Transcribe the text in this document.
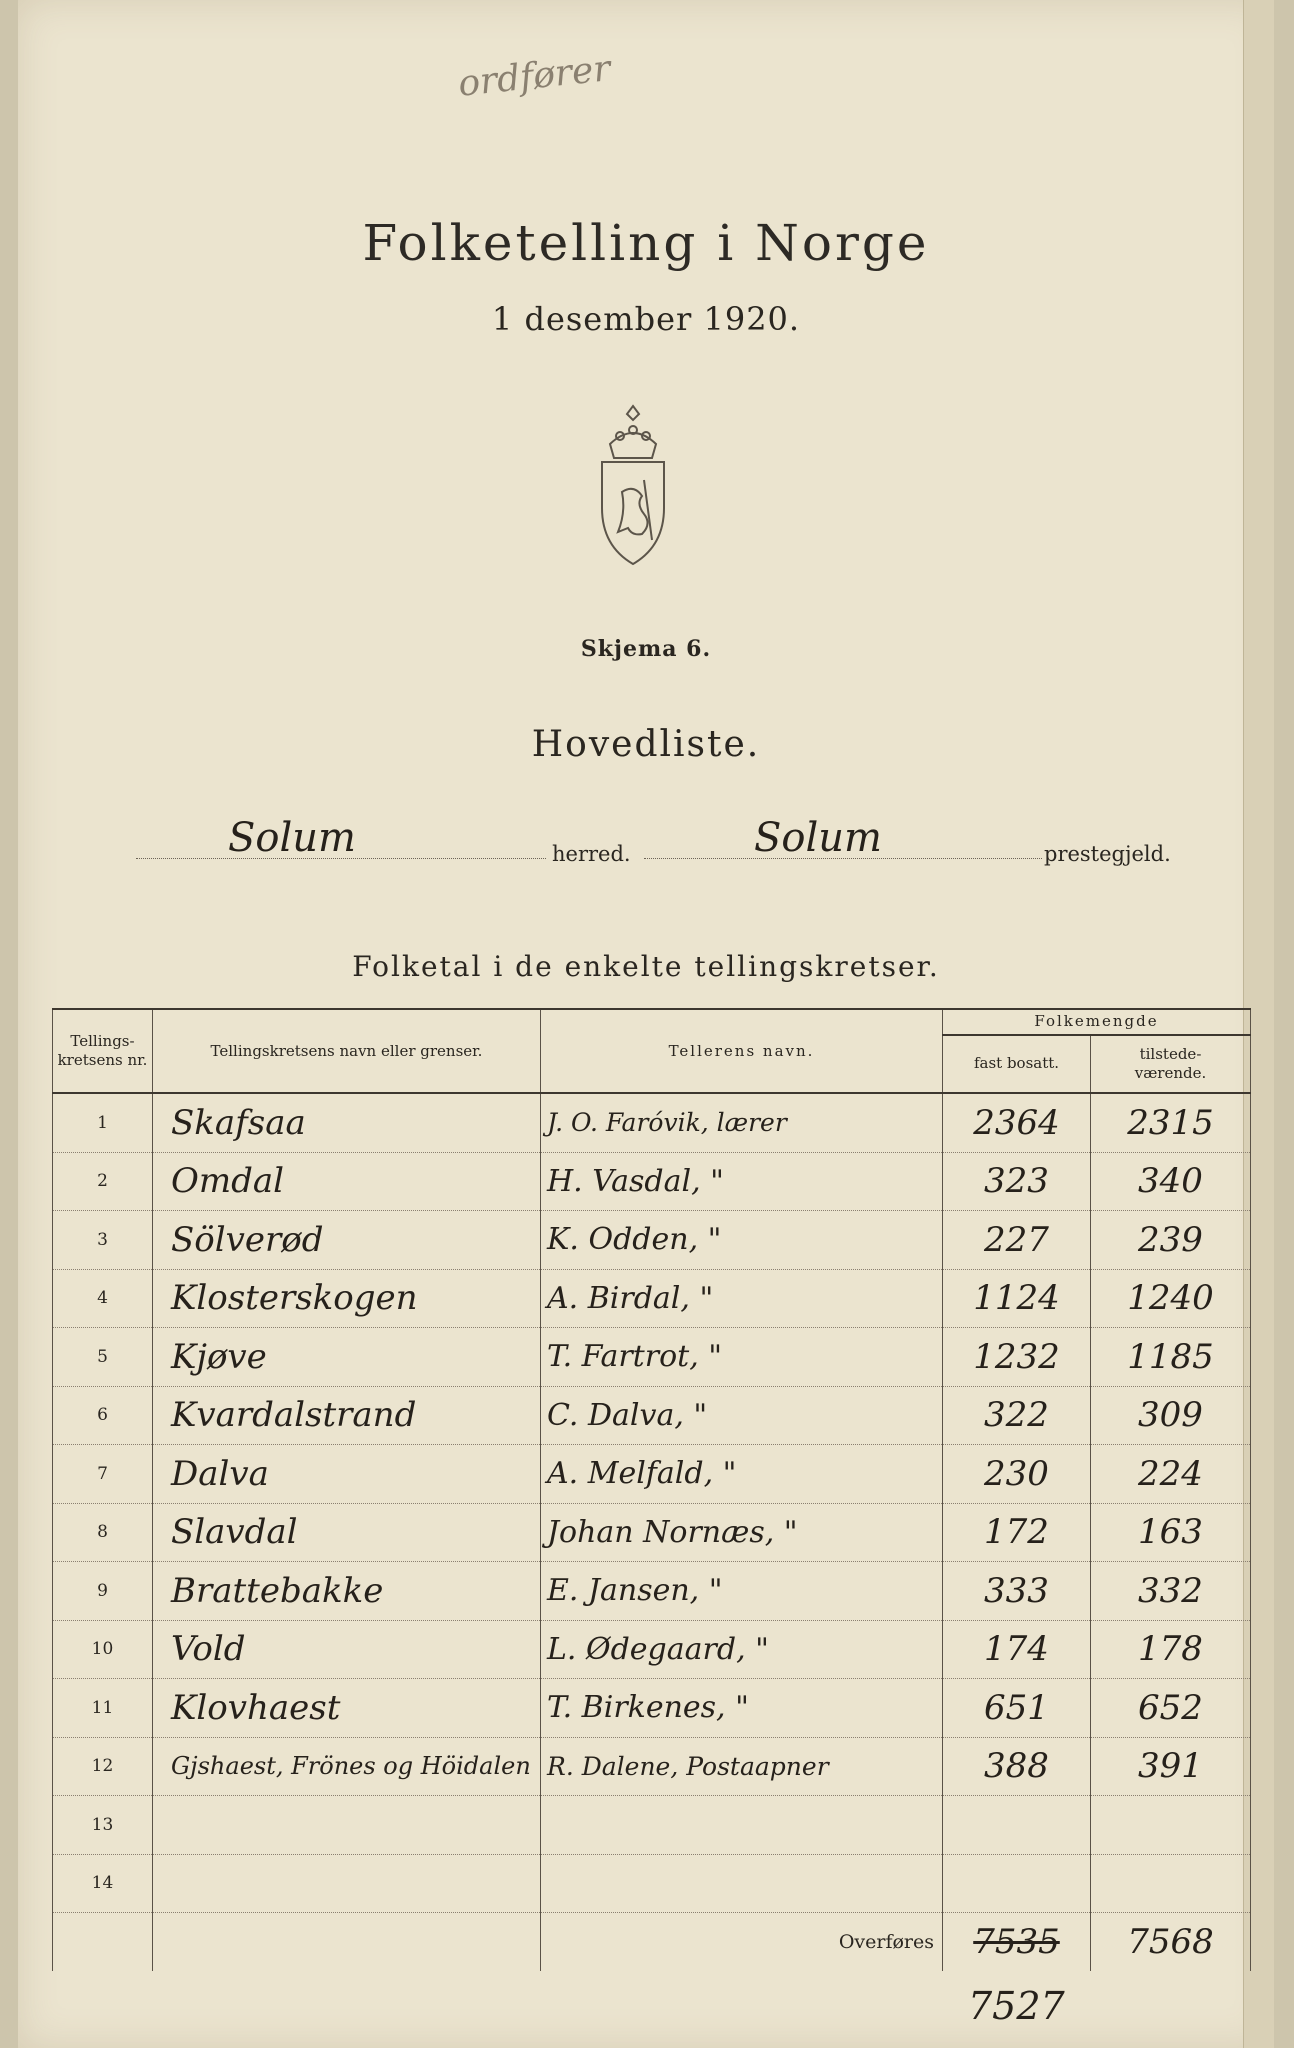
ordfører
Folketelling i Norge
1 desember 1920.
Skjema 6.
Hovedliste.
Solum	herred.	Solum	prestegjeld.
Folketal i de enkelte tellingskretser.
Tellings-kretsens nr.	Tellingskretsens navn eller grenser.	Tellerens navn.	Folkemengde	
			fast bosatt.	tilstede-værende.
1	Skafsaa	J. O. Faróvik, lærer	2364	2315
2	Omdal	H. Vasdal, "	323	340
3	Sölverød	K. Odden, "	227	239
4	Klosterskogen	A. Birdal, "	1124	1240
5	Kjøve	T. Fartrot, "	1232	1185
6	Kvardalstrand	C. Dalva, "	322	309
7	Dalva	A. Melfald, "	230	224
8	Slavdal	Johan Nornæs, "	172	163
9	Brattebakke	E. Jansen, "	333	332
10	Vold	L. Ødegaard, "	174	178
11	Klovhaest	T. Birkenes, "	651	652
12	Gjshaest, Frönes og Höidalen	R. Dalene, Postaapner	388	391
13				
14				
		Overføres	7535	7568
7527
